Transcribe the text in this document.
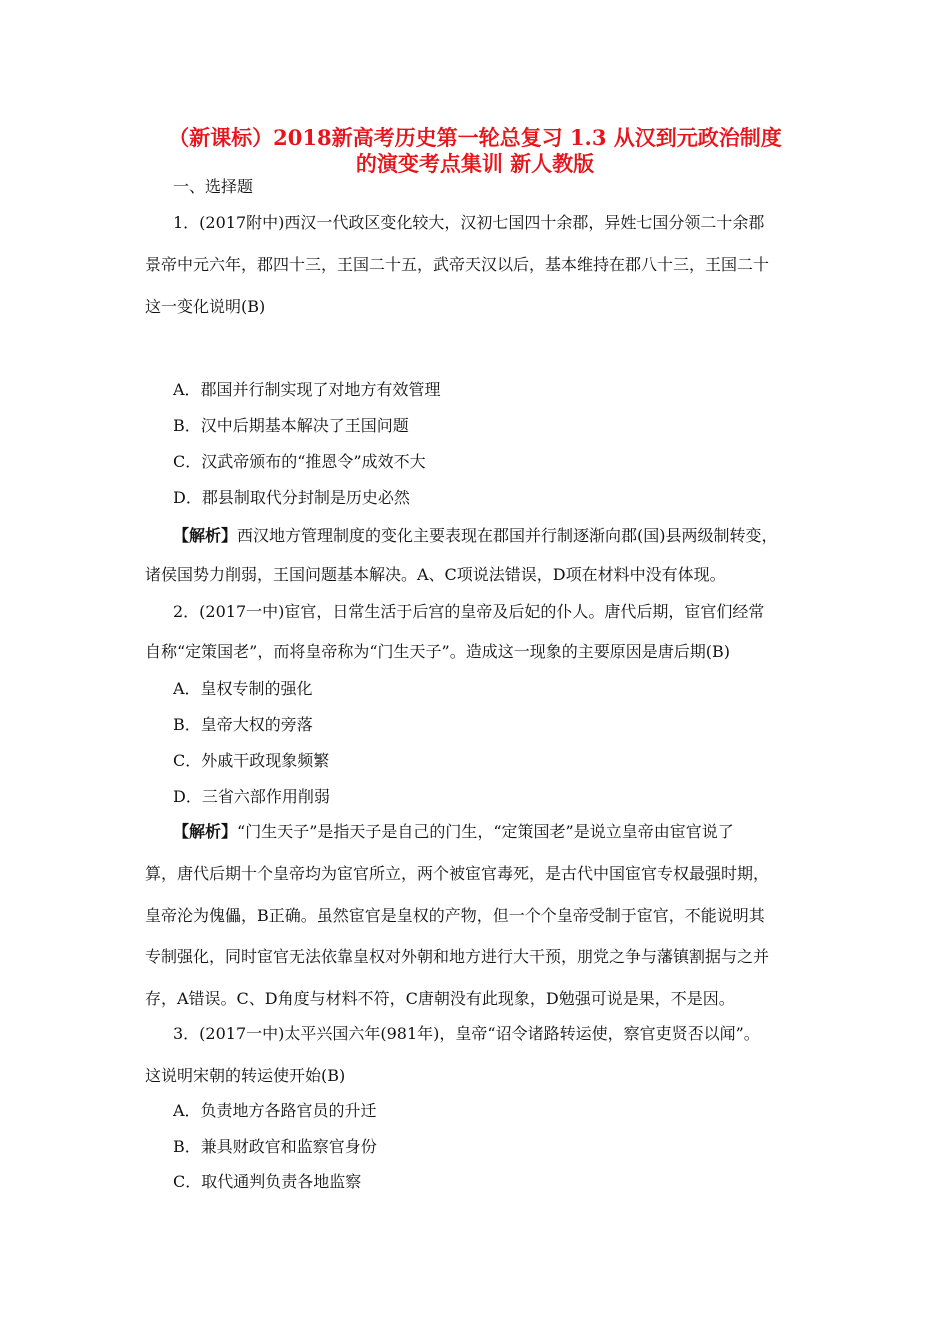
（新课标）2018新高考历史第一轮总复习 1.3 从汉到元政治制度
的演变考点集训 新人教版
一、选择题
1．(2017附中)西汉一代政区变化较大，汉初七国四十余郡，异姓七国分领二十余郡
景帝中元六年，郡四十三，王国二十五，武帝天汉以后，基本维持在郡八十三，王国二十
这一变化说明(B)
A．郡国并行制实现了对地方有效管理
B．汉中后期基本解决了王国问题
C．汉武帝颁布的“推恩令”成效不大
D．郡县制取代分封制是历史必然
【解析】西汉地方管理制度的变化主要表现在郡国并行制逐渐向郡(国)县两级制转变，
诸侯国势力削弱，王国问题基本解决。A、C项说法错误，D项在材料中没有体现。
2．(2017一中)宦官，日常生活于后宫的皇帝及后妃的仆人。唐代后期，宦官们经常
自称“定策国老”，而将皇帝称为“门生天子”。造成这一现象的主要原因是唐后期(B)
A．皇权专制的强化
B．皇帝大权的旁落
C．外戚干政现象频繁
D．三省六部作用削弱
【解析】“门生天子”是指天子是自己的门生，“定策国老”是说立皇帝由宦官说了
算，唐代后期十个皇帝均为宦官所立，两个被宦官毒死，是古代中国宦官专权最强时期，
皇帝沦为傀儡，B正确。虽然宦官是皇权的产物，但一个个皇帝受制于宦官，不能说明其
专制强化，同时宦官无法依靠皇权对外朝和地方进行大干预，朋党之争与藩镇割据与之并
存，A错误。C、D角度与材料不符，C唐朝没有此现象，D勉强可说是果，不是因。
3．(2017一中)太平兴国六年(981年)，皇帝“诏令诸路转运使，察官吏贤否以闻”。
这说明宋朝的转运使开始(B)
A．负责地方各路官员的升迁
B．兼具财政官和监察官身份
C．取代通判负责各地监察
